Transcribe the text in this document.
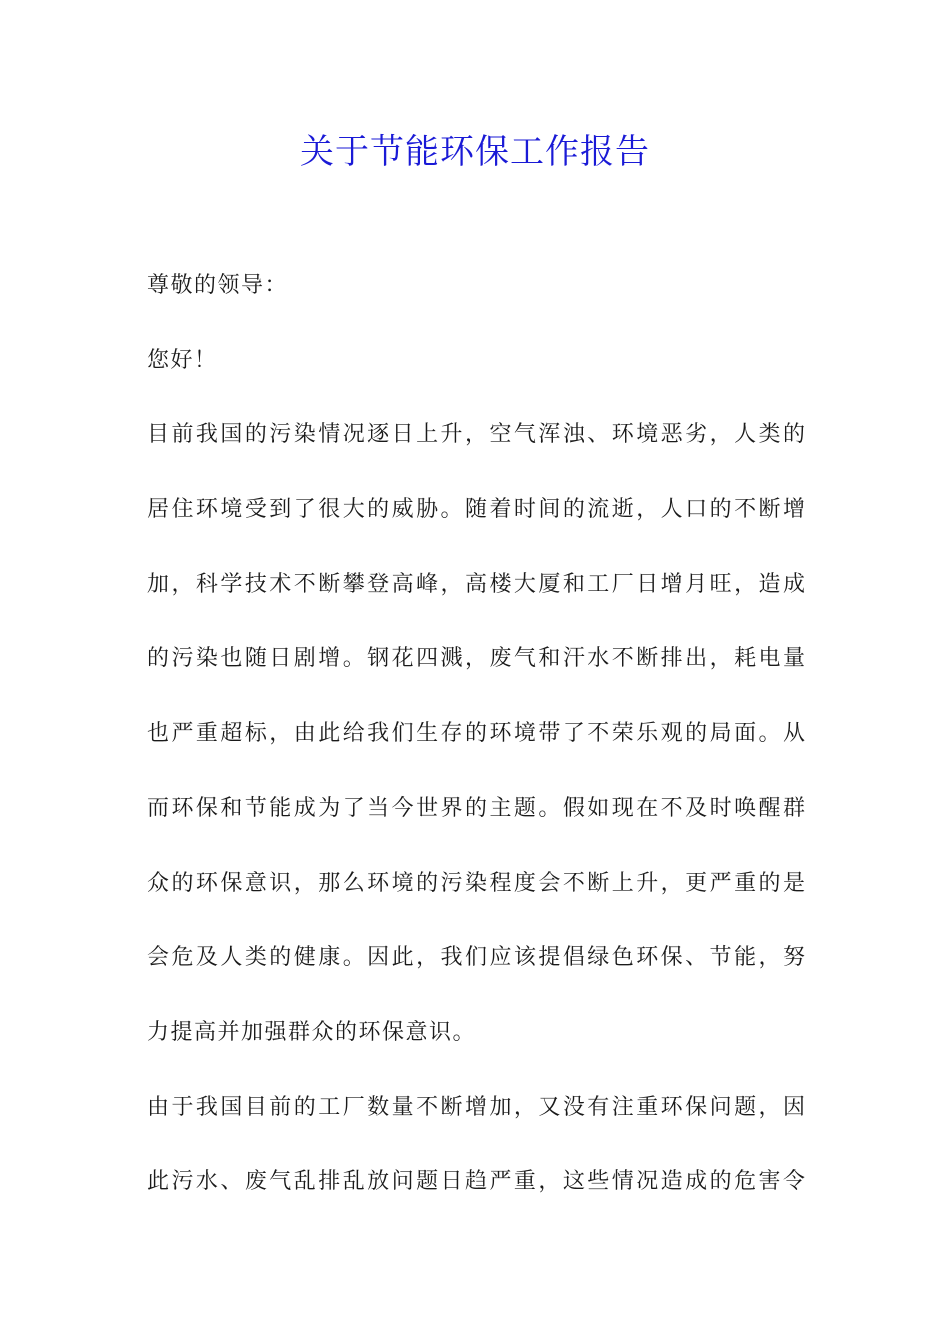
关于节能环保工作报告
尊敬的领导：
您好！
目前我国的污染情况逐日上升，空气浑浊、环境恶劣，人类的
居住环境受到了很大的威胁。随着时间的流逝，人口的不断增
加，科学技术不断攀登高峰，高楼大厦和工厂日增月旺，造成
的污染也随日剧增。钢花四溅，废气和汗水不断排出，耗电量
也严重超标，由此给我们生存的环境带了不荣乐观的局面。从
而环保和节能成为了当今世界的主题。假如现在不及时唤醒群
众的环保意识，那么环境的污染程度会不断上升，更严重的是
会危及人类的健康。因此，我们应该提倡绿色环保、节能，努
力提高并加强群众的环保意识。
由于我国目前的工厂数量不断增加，又没有注重环保问题，因
此污水、废气乱排乱放问题日趋严重，这些情况造成的危害令
